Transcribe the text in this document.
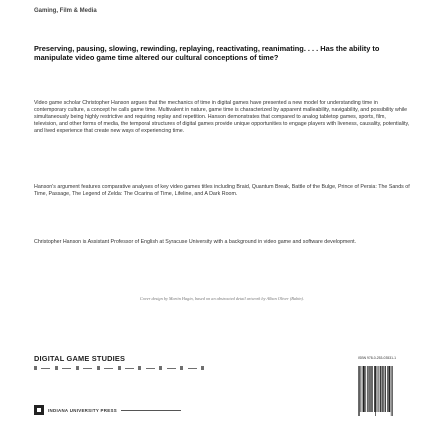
Gaming, Film & Media

Preserving, pausing, slowing, rewinding, replaying, reactivating, reanimating. . . . Has the ability to manipulate video game time altered our cultural conceptions of time?

Video game scholar Christopher Hanson argues that the mechanics of time in digital games have presented a new model for understanding time in contemporary culture, a concept he calls game time. Multivalent in nature, game time is characterized by apparent malleability, navigability, and possibility while simultaneously being highly restrictive and requiring replay and repetition. Hanson demonstrates that compared to analog tabletop games, sports, film, television, and other forms of media, the temporal structures of digital games provide unique opportunities to engage players with liveness, causality, potentiality, and lived experience that create new ways of experiencing time.

Hanson's argument features comparative analyses of key video games titles including Braid, Quantum Break, Battle of the Bulge, Prince of Persia: The Sands of Time, Passage, The Legend of Zelda: The Ocarina of Time, Lifeline, and A Dark Room.

Christopher Hanson is Assistant Professor of English at Syracuse University with a background in video game and software development.

Cover design by Martin Hagin, based on an abstracted detail artwork by Alban Oliver (Babin).

DIGITAL GAME STUDIES
INDIANA UNIVERSITY PRESS
ISBN 978-0-253-03531-1
